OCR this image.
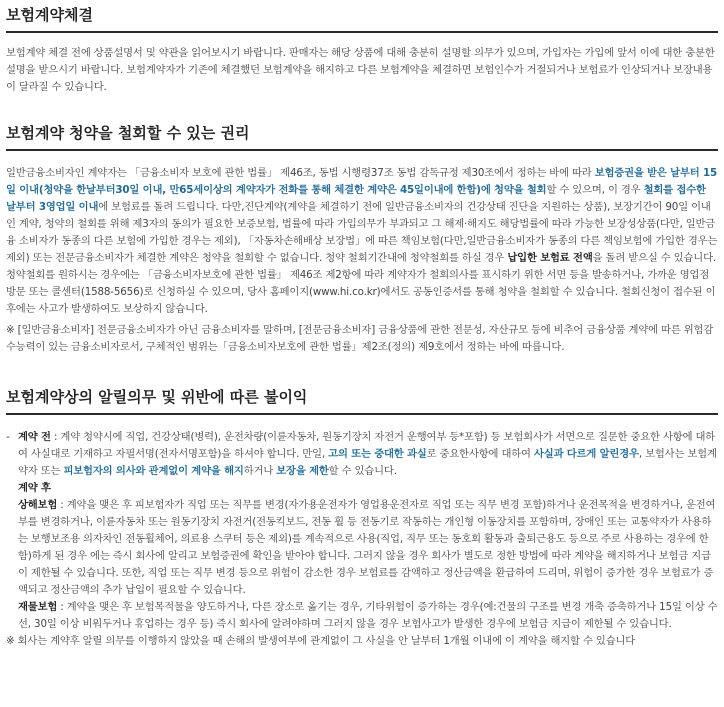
보험계약체결

보험계약 체결 전에 상품설명서 및 약관을 읽어보시기 바랍니다. 판매자는 해당 상품에 대해 충분히 설명할 의무가 있으며, 가입자는 가입에 앞서 이에 대한 충분한 설명을 받으시기 바랍니다. 보험계약자가 기존에 체결했던 보험계약을 해지하고 다른 보험계약을 체결하면 보험인수가 거절되거나 보험료가 인상되거나 보장내용이 달라질 수 있습니다.

보험계약 청약을 철회할 수 있는 권리

일반금융소비자인 계약자는 「금융소비자 보호에 관한 법률」 제46조, 동법 시행령37조 동법 감독규정 제30조에서 정하는 바에 따라 보험증권을 받은 날부터 15일 이내(청약을 한날부터30일 이내, 만65세이상의 계약자가 전화를 통해 체결한 계약은 45일이내에 한함)에 청약을 철회할 수 있으며, 이 경우 철회를 접수한 날부터 3영업일 이내에 보험료를 돌려 드립니다. 다만,진단계약(계약을 체결하기 전에 일반금융소비자의 건강상태 진단을 지원하는 상품), 보장기간이 90일 이내인 계약, 청약의 철회를 위해 제3자의 동의가 필요한 보증보험, 법률에 따라 가입의무가 부과되고 그 해제·해지도 해당법률에 따라 가능한 보장성상품(다만, 일반금융 소비자가 동종의 다른 보험에 가입한 경우는 제외), 「자동차손해배상 보장법」에 따른 책임보험(다만,일반금융소비자가 동종의 다른 책임보험에 가입한 경우는 제외) 또는 전문금융소비자가 체결한 계약은 청약을 철회할 수 없습니다. 청약 철회기간내에 청약철회를 하실 경우 납입한 보험료 전액을 돌려 받으실 수 있습니다. 청약철회를 원하시는 경우에는 「금융소비자보호에 관한 법률」 제46조 제2항에 따라 계약자가 철회의사를 표시하기 위한 서면 등을 발송하거나, 가까운 영업점 방문 또는 콜센터(1588-5656)로 신청하실 수 있으며, 당사 홈페이지(www.hi.co.kr)에서도 공동인증서를 통해 청약을 철회할 수 있습니다. 철회신청이 접수된 이후에는 사고가 발생하여도 보상하지 않습니다.

※ [일반금융소비자] 전문금융소비자가 아닌 금융소비자를 말하며, [전문금융소비자] 금융상품에 관한 전문성, 자산규모 등에 비추어 금융상품 계약에 따른 위험감수능력이 있는 금융소비자로서, 구체적인 범위는「금융소비자보호에 관한 법률」제2조(정의) 제9호에서 정하는 바에 따릅니다.

보험계약상의 알릴의무 및 위반에 따른 불이익
- 계약 전 : 계약 청약시에 직업, 건강상태(병력), 운전차량(이륜자동차, 원동기장치 자전거 운행여부 등*포함) 등 보험회사가 서면으로 질문한 중요한 사항에 대하여 사실대로 기재하고 자필서명(전자서명포함)을 하셔야 합니다. 만일, 고의 또는 중대한 과실로 중요한사항에 대하여 사실과 다르게 알린경우, 보험사는 보험계약자 또는 피보험자의 의사와 관계없이 계약을 해지하거나 보장을 제한할 수 있습니다.

계약 후

상해보험 : 계약을 맺은 후 피보험자가 직업 또는 직무를 변경(자가용운전자가 영업용운전자로 직업 또는 직무 변경 포함)하거나 운전목적을 변경하거나, 운전여부를 변경하거나, 이륜자동차 또는 원동기장치 자전거(전동킥보드, 전동 휠 등 전동기로 작동하는 개인형 이동장치를 포함하며, 장애인 또는 교통약자가 사용하는 보행보조용 의자차인 전동휠체어, 의료용 스쿠터 등은 제외)를 계속적으로 사용(직업, 직무 또는 동호회 활동과 출퇴근용도 등으로 주로 사용하는 경우에 한함)하게 된 경우 에는 즉시 회사에 알리고 보험증권에 확인을 받아야 합니다. 그러지 않을 경우 회사가 별도로 정한 방법에 따라 계약을 해지하거나 보험금 지급이 제한될 수 있습니다. 또한, 직업 또는 직무 변경 등으로 위험이 감소한 경우 보험료를 감액하고 정산금액을 환급하여 드리며, 위험이 증가한 경우 보험료가 증액되고 정산금액의 추가 납입이 필요할 수 있습니다.

재물보험 : 계약을 맺은 후 보험목적물을 양도하거나, 다른 장소로 옮기는 경우, 기타위험이 증가하는 경우(예:건물의 구조를 변경 개축 증축하거나 15일 이상 수선, 30일 이상 비워두거나 휴업하는 경우 등) 즉시 회사에 알려야하며 그러지 않을 경우 보험사고가 발생한 경우에 보험금 지급이 제한될 수 있습니다.

※ 회사는 계약후 알릴 의무를 이행하지 않았을 때 손해의 발생여부에 관계없이 그 사실을 안 날부터 1개월 이내에 이 계약을 해지할 수 있습니다
